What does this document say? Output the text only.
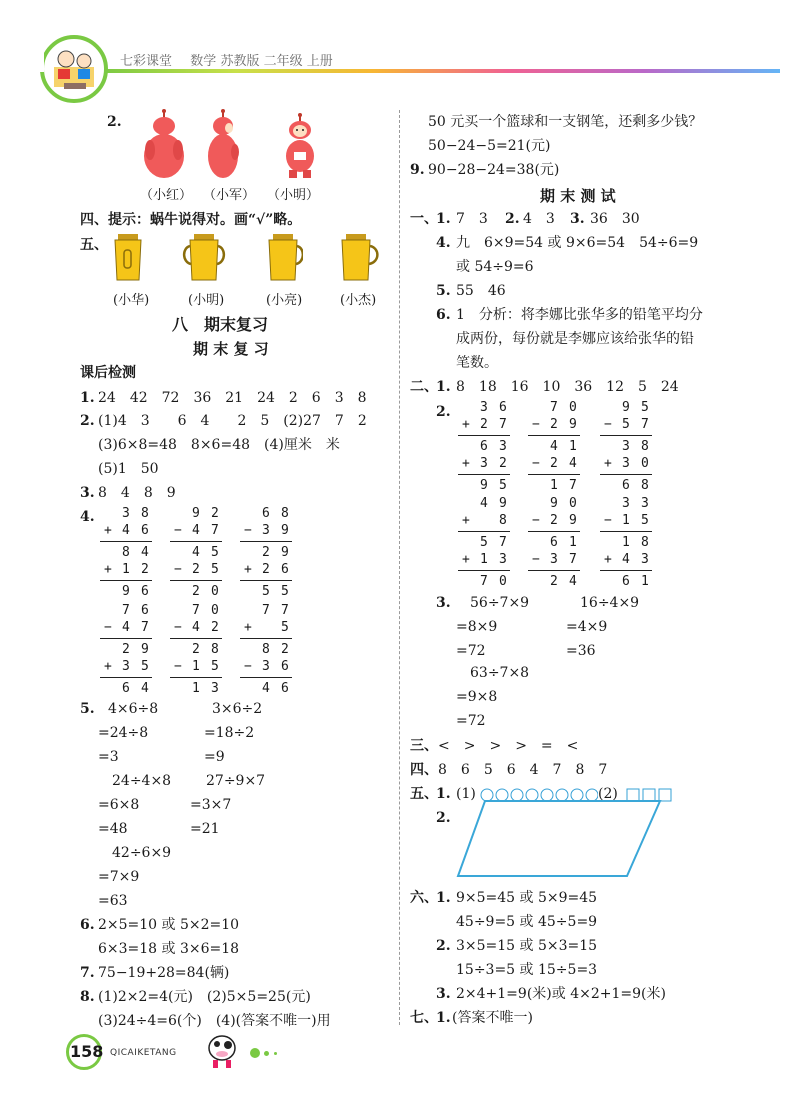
七彩课堂 数学 苏教版 二年级 上册
2.
（小红） （小军） （小明）
四、提示：蜗牛说得对。画“√”略。
五、
(小华)	(小明)	(小亮)	(小杰)
八　期末复习
期 末 复 习
课后检测
1. 24　42　72　36　21　24　2　6　3　8
2. (1)4　3　　6　4　　2　5　(2)27　7　2
(3)6×8=48　8×6=48　(4)厘米　米
(5)1　50
3. 8　4　8　9
4. 3 8
+ 4 6
8 4
+ 1 2
9 6
9 2
− 4 7
4 5
− 2 5
2 0
6 8
− 3 9
2 9
+ 2 6
5 5
7 6
− 4 7
2 9
+ 3 5
6 4
7 0
− 4 2
2 8
− 1 5
1 3
7 7
+ 5
8 2
− 3 6
4 6
5. 4×6÷8
=24÷8
=3
3×6÷2
=18÷2
=9
24÷4×8
=6×8
=48
27÷9×7
=3×7
=21
42÷6×9
=7×9
=63
6. 2×5=10 或 5×2=10
6×3=18 或 3×6=18
7. 75−19+28=84(辆)
8. (1)2×2=4(元)　(2)5×5=25(元)
(3)24÷4=6(个)　(4)(答案不唯一)用
50 元买一个篮球和一支钢笔，还剩多少钱？
50−24−5=21(元)
9. 90−28−24=38(元)
期 末 测 试
一、
1. 7　3　 2. 4　3　 3. 36　30
4. 九　6×9=54 或 9×6=54　54÷6=9
或 54÷9=6
5. 55　46
6. 1　分析：将李娜比张华多的铅笔平均分
成两份，每份就是李娜应该给张华的铅
笔数。
二、
1. 8　18　16　10　36　12　5　24
2. 3 6
+ 2 7
6 3
+ 3 2
9 5
7 0
− 2 9
4 1
− 2 4
1 7
9 5
− 5 7
3 8
+ 3 0
6 8
4 9
+ 8
5 7
+ 1 3
7 0
9 0
− 2 9
6 1
− 3 7
2 4
3 3
− 1 5
1 8
+ 4 3
6 1
3. 56÷7×9
=8×9
=72
16÷4×9
=4×9
=36
63÷7×8
=9×8
=72
三、 <　>　>　>　=　<
四、 8　6　5　6　4　7　8　7
五、
1. (1)	(2)
2.
六、
1. 9×5=45 或 5×9=45
45÷9=5 或 45÷5=9
2. 3×5=15 或 5×3=15
15÷3=5 或 15÷5=3
3. 2×4+1=9(米)或 4×2+1=9(米)
七、
1. (答案不唯一)
158 QICAIKETANG
